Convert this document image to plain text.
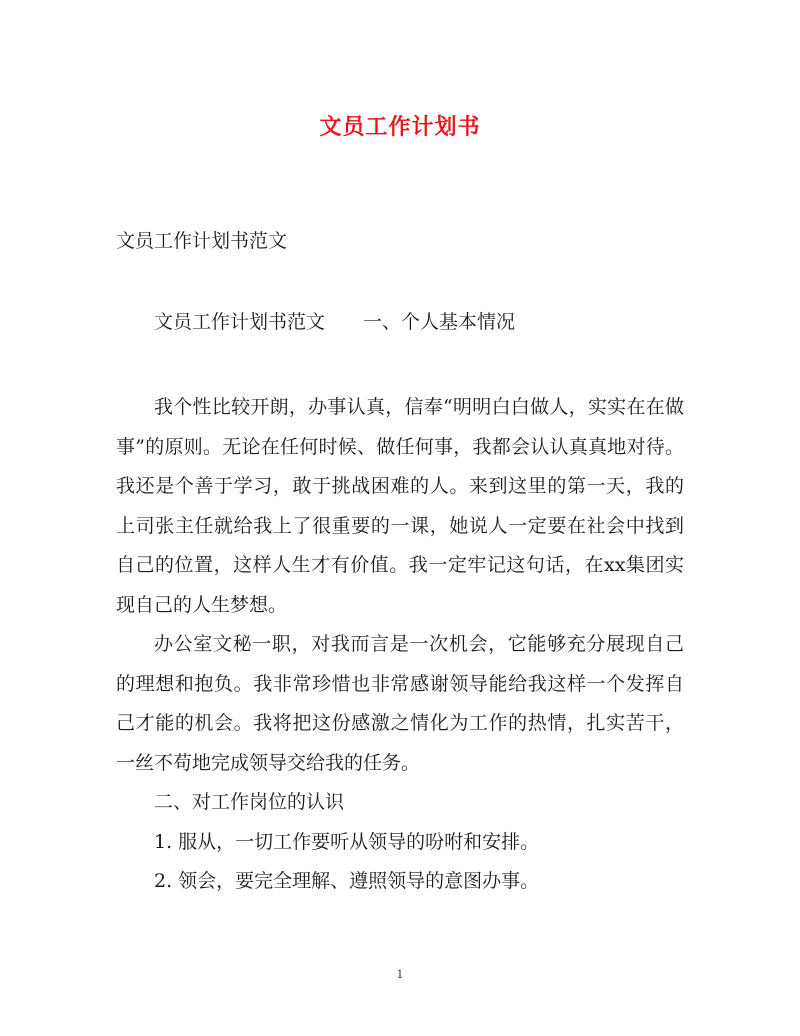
文员工作计划书
文员工作计划书范文
文员工作计划书范文　　一、个人基本情况

我个性比较开朗，办事认真，信奉“明明白白做人，实实在在做事”的原则。无论在任何时候、做任何事，我都会认认真真地对待。我还是个善于学习，敢于挑战困难的人。来到这里的第一天，我的上司张主任就给我上了很重要的一课，她说人一定要在社会中找到自己的位置，这样人生才有价值。我一定牢记这句话，在xx集团实现自己的人生梦想。

办公室文秘一职，对我而言是一次机会，它能够充分展现自己的理想和抱负。我非常珍惜也非常感谢领导能给我这样一个发挥自己才能的机会。我将把这份感激之情化为工作的热情，扎实苦干，一丝不苟地完成领导交给我的任务。

二、对工作岗位的认识

1. 服从，一切工作要听从领导的吩咐和安排。

2. 领会，要完全理解、遵照领导的意图办事。

1
